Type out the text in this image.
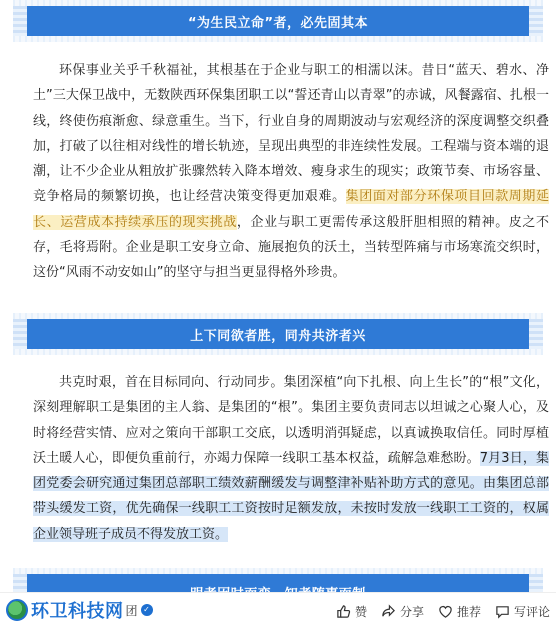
“为生民立命”者，必先固其本

环保事业关乎千秋福祉，其根基在于企业与职工的相濡以沫。昔日“蓝天、碧水、净土”三大保卫战中，无数陕西环保集团职工以“誓还青山以青翠”的赤诚，风餐露宿、扎根一线，终使伤痕渐愈、绿意重生。当下，行业自身的周期波动与宏观经济的深度调整交织叠加，打破了以往相对线性的增长轨迹，呈现出典型的非连续性发展。工程端与资本端的退潮，让不少企业从粗放扩张骤然转入降本增效、瘦身求生的现实；政策节奏、市场容量、竞争格局的频繁切换，也让经营决策变得更加艰难。集团面对部分环保项目回款周期延长、运营成本持续承压的现实挑战，企业与职工更需传承这般肝胆相照的精神。皮之不存，毛将焉附。企业是职工安身立命、施展抱负的沃土，当转型阵痛与市场寒流交织时，这份“风雨不动安如山”的坚守与担当更显得格外珍贵。

上下同欲者胜，同舟共济者兴

共克时艰，首在目标同向、行动同步。集团深植“向下扎根、向上生长”的“根”文化，深刻理解职工是集团的主人翁、是集团的“根”。集团主要负责同志以坦诚之心聚人心，及时将经营实情、应对之策向干部职工交底，以透明消弭疑虑，以真诚换取信任。同时厚植沃土暖人心，即便负重前行，亦竭力保障一线职工基本权益，疏解急难愁盼。7月3日，集团党委会研究通过集团总部职工绩效薪酬缓发与调整津补贴补助方式的意见。由集团总部带头缓发工资，优先确保一线职工工资按时足额发放，未按时发放一线职工工资的，权属企业领导班子成员不得发放工资。

环卫科技网 团 ✓	赞	分享	推荐	写评论
